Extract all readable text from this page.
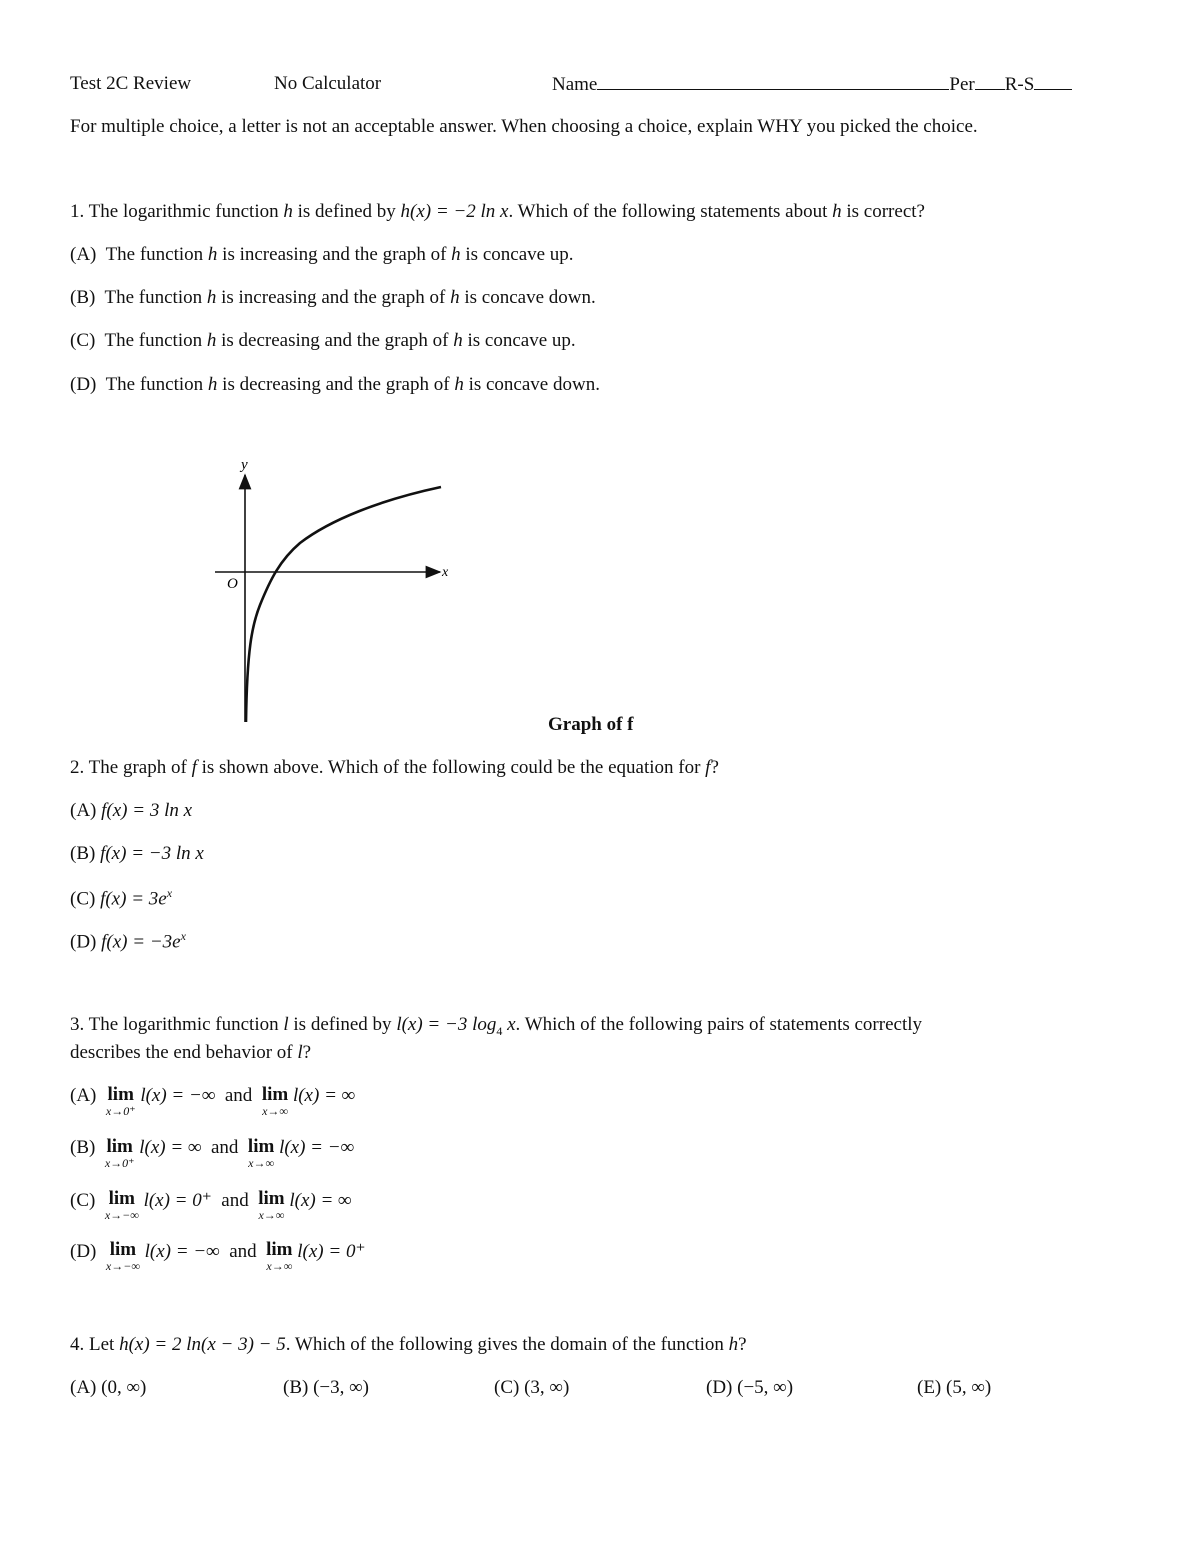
Test 2C Review	No Calculator	Name	Per R-S
For multiple choice, a letter is not an acceptable answer. When choosing a choice, explain WHY you picked the choice.
1. The logarithmic function h is defined by h(x) = −2 ln x. Which of the following statements about h is correct?
(A) The function h is increasing and the graph of h is concave up.
(B) The function h is increasing and the graph of h is concave down.
(C) The function h is decreasing and the graph of h is concave up.
(D) The function h is decreasing and the graph of h is concave down.
y
x
O
Graph of f
2. The graph of f is shown above. Which of the following could be the equation for f?
(A) f(x) = 3 ln x
(B) f(x) = −3 ln x
(C) $f(x) = 3e^x$
(D) $f(x) = -3e^x$
3. The logarithmic function l is defined by l(x) = −3 $\log_4 x$. Which of the following pairs of statements correctly
describes the end behavior of l?
(A) lim
x→0⁺
l(x) = −∞ and lim
x→∞
l(x) = ∞
(B) lim
x→0⁺
l(x) = ∞ and lim
x→∞
l(x) = −∞
(C) lim
x→−∞
l(x) = 0⁺ and lim
x→∞
l(x) = ∞
(D) lim
x→−∞
l(x) = −∞ and lim
x→∞
l(x) = 0⁺
4. Let h(x) = 2 ln(x − 3) − 5. Which of the following gives the domain of the function h?
(A) (0, ∞)	(B) (−3, ∞)	(C) (3, ∞)	(D) (−5, ∞)	(E) (5, ∞)
